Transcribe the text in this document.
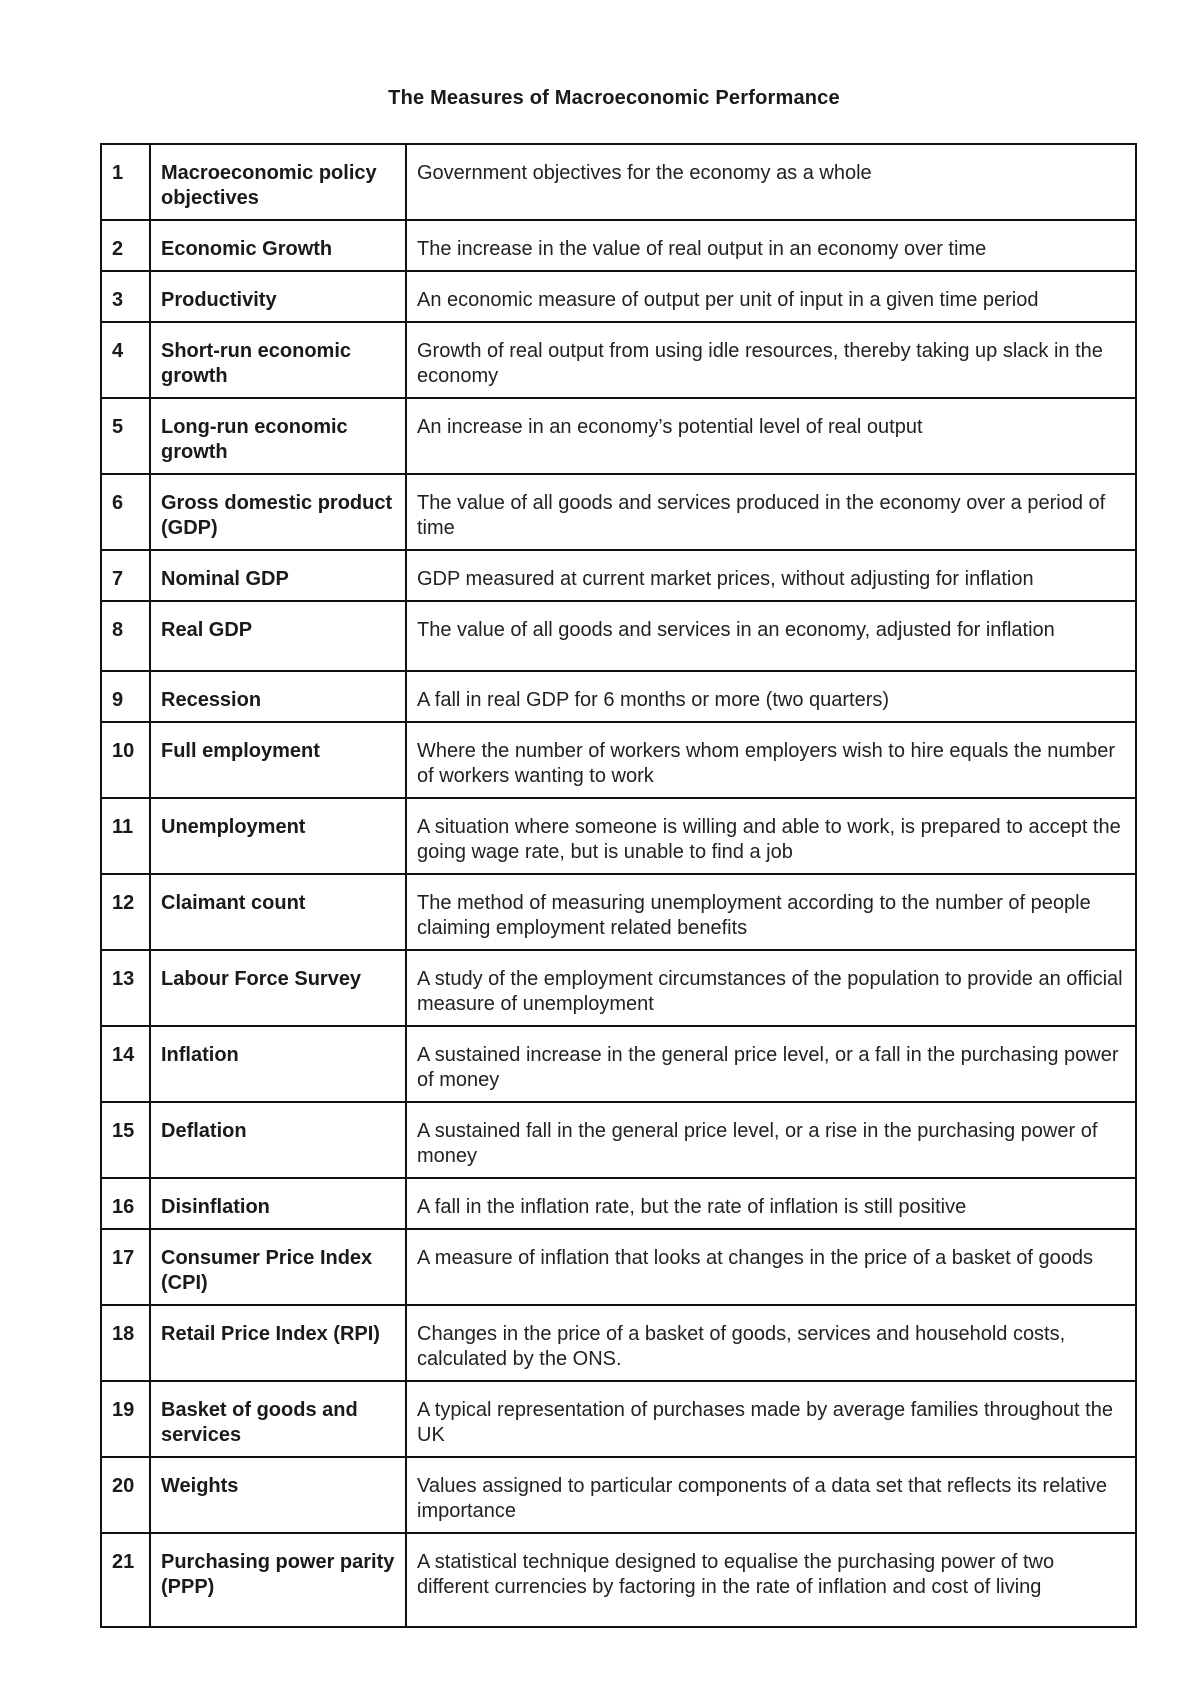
The Measures of Macroeconomic Performance
1	Macroeconomic policy objectives	Government objectives for the economy as a whole
2	Economic Growth	The increase in the value of real output in an economy over time
3	Productivity	An economic measure of output per unit of input in a given time period
4	Short-run economic growth	Growth of real output from using idle resources, thereby taking up slack in the economy
5	Long-run economic growth	An increase in an economy’s potential level of real output
6	Gross domestic product (GDP)	The value of all goods and services produced in the economy over a period of time
7	Nominal GDP	GDP measured at current market prices, without adjusting for inflation
8	Real GDP	The value of all goods and services in an economy, adjusted for inflation
9	Recession	A fall in real GDP for 6 months or more (two quarters)
10	Full employment	Where the number of workers whom employers wish to hire equals the number of workers wanting to work
11	Unemployment	A situation where someone is willing and able to work, is prepared to accept the going wage rate, but is unable to find a job
12	Claimant count	The method of measuring unemployment according to the number of people claiming employment related benefits
13	Labour Force Survey	A study of the employment circumstances of the population to provide an official measure of unemployment
14	Inflation	A sustained increase in the general price level, or a fall in the purchasing power of money
15	Deflation	A sustained fall in the general price level, or a rise in the purchasing power of money
16	Disinflation	A fall in the inflation rate, but the rate of inflation is still positive
17	Consumer Price Index (CPI)	A measure of inflation that looks at changes in the price of a basket of goods
18	Retail Price Index (RPI)	Changes in the price of a basket of goods, services and household costs, calculated by the ONS.
19	Basket of goods and services	A typical representation of purchases made by average families throughout the UK
20	Weights	Values assigned to particular components of a data set that reflects its relative importance
21	Purchasing power parity (PPP)	A statistical technique designed to equalise the purchasing power of two different currencies by factoring in the rate of inflation and cost of living
